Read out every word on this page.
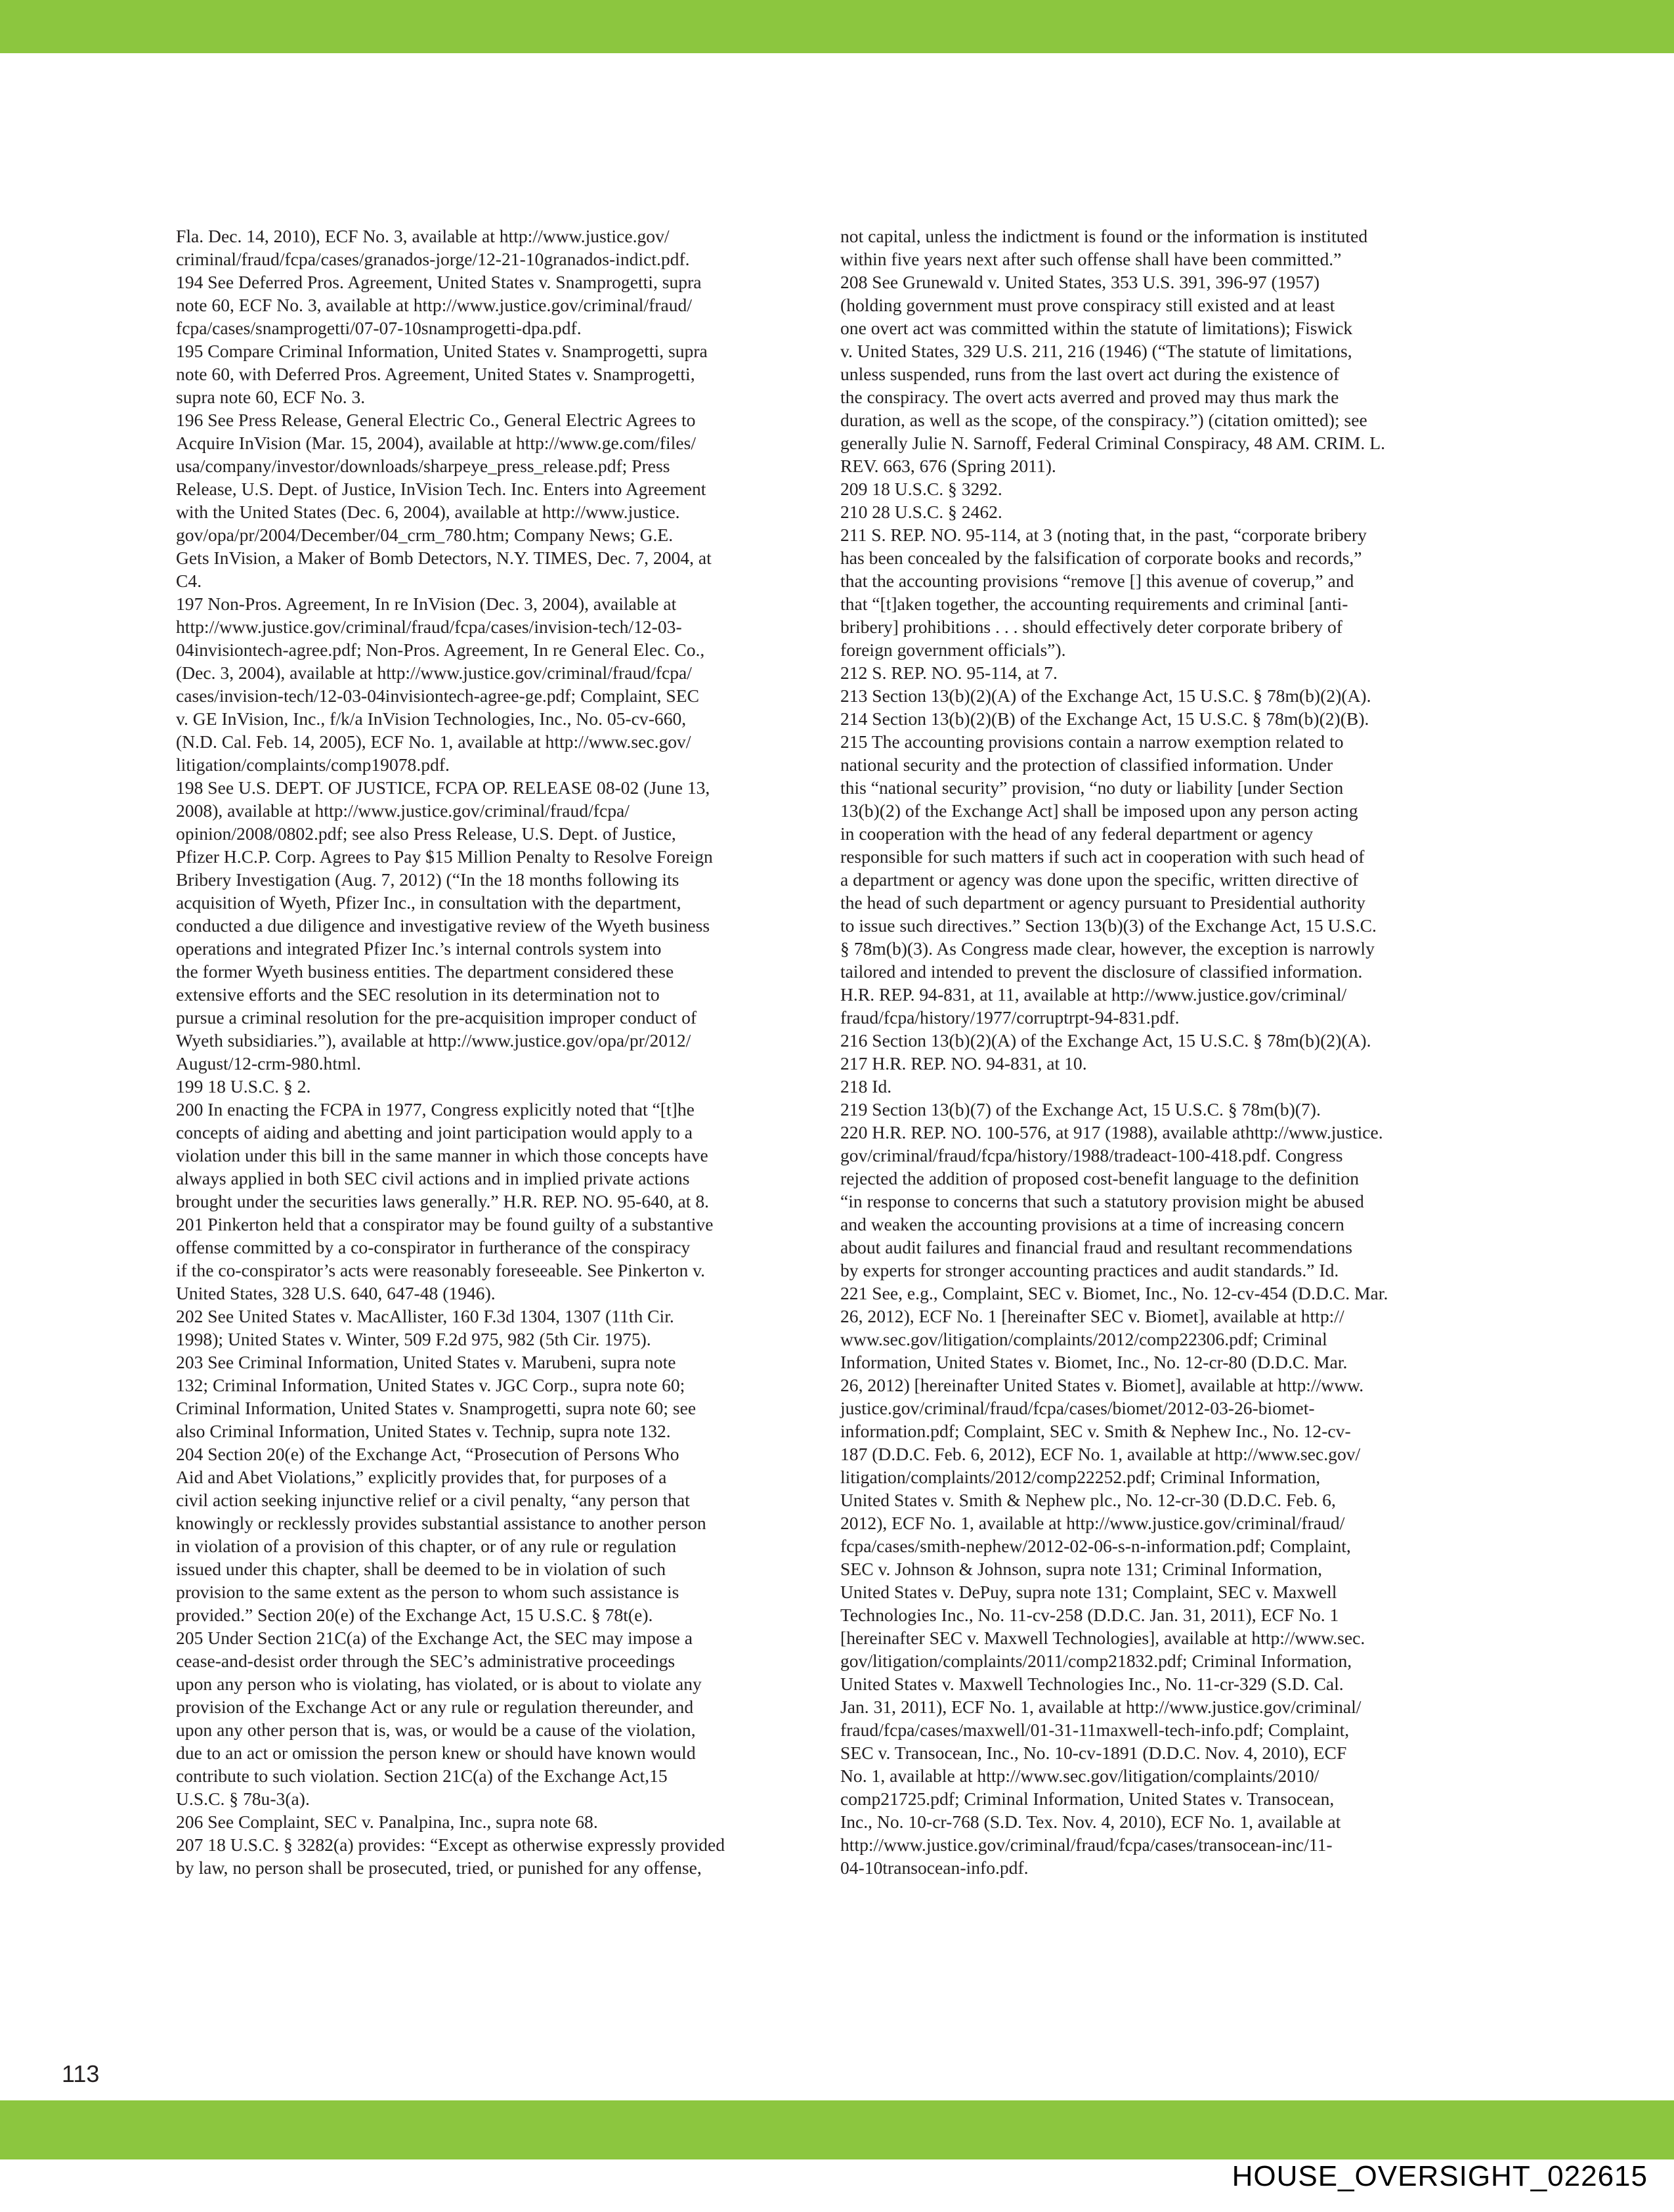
Fla. Dec. 14, 2010), ECF No. 3, available at http://www.justice.gov/
criminal/fraud/fcpa/cases/granados-jorge/12-21-10granados-indict.pdf.
194 See Deferred Pros. Agreement, United States v. Snamprogetti, supra
note 60, ECF No. 3, available at http://www.justice.gov/criminal/fraud/
fcpa/cases/snamprogetti/07-07-10snamprogetti-dpa.pdf.
195 Compare Criminal Information, United States v. Snamprogetti, supra
note 60, with Deferred Pros. Agreement, United States v. Snamprogetti,
supra note 60, ECF No. 3.
196 See Press Release, General Electric Co., General Electric Agrees to
Acquire InVision (Mar. 15, 2004), available at http://www.ge.com/files/
usa/company/investor/downloads/sharpeye_press_release.pdf; Press
Release, U.S. Dept. of Justice, InVision Tech. Inc. Enters into Agreement
with the United States (Dec. 6, 2004), available at http://www.justice.
gov/opa/pr/2004/December/04_crm_780.htm; Company News; G.E.
Gets InVision, a Maker of Bomb Detectors, N.Y. TIMES, Dec. 7, 2004, at
C4.
197 Non-Pros. Agreement, In re InVision (Dec. 3, 2004), available at
http://www.justice.gov/criminal/fraud/fcpa/cases/invision-tech/12-03-
04invisiontech-agree.pdf; Non-Pros. Agreement, In re General Elec. Co.,
(Dec. 3, 2004), available at http://www.justice.gov/criminal/fraud/fcpa/
cases/invision-tech/12-03-04invisiontech-agree-ge.pdf; Complaint, SEC
v. GE InVision, Inc., f/k/a InVision Technologies, Inc., No. 05-cv-660,
(N.D. Cal. Feb. 14, 2005), ECF No. 1, available at http://www.sec.gov/
litigation/complaints/comp19078.pdf.
198 See U.S. DEPT. OF JUSTICE, FCPA OP. RELEASE 08-02 (June 13,
2008), available at http://www.justice.gov/criminal/fraud/fcpa/
opinion/2008/0802.pdf; see also Press Release, U.S. Dept. of Justice,
Pfizer H.C.P. Corp. Agrees to Pay $15 Million Penalty to Resolve Foreign
Bribery Investigation (Aug. 7, 2012) (“In the 18 months following its
acquisition of Wyeth, Pfizer Inc., in consultation with the department,
conducted a due diligence and investigative review of the Wyeth business
operations and integrated Pfizer Inc.’s internal controls system into
the former Wyeth business entities. The department considered these
extensive efforts and the SEC resolution in its determination not to
pursue a criminal resolution for the pre-acquisition improper conduct of
Wyeth subsidiaries.”), available at http://www.justice.gov/opa/pr/2012/
August/12-crm-980.html.
199 18 U.S.C. § 2.
200 In enacting the FCPA in 1977, Congress explicitly noted that “[t]he
concepts of aiding and abetting and joint participation would apply to a
violation under this bill in the same manner in which those concepts have
always applied in both SEC civil actions and in implied private actions
brought under the securities laws generally.” H.R. REP. NO. 95-640, at 8.
201 Pinkerton held that a conspirator may be found guilty of a substantive
offense committed by a co-conspirator in furtherance of the conspiracy
if the co-conspirator’s acts were reasonably foreseeable. See Pinkerton v.
United States, 328 U.S. 640, 647-48 (1946).
202 See United States v. MacAllister, 160 F.3d 1304, 1307 (11th Cir.
1998); United States v. Winter, 509 F.2d 975, 982 (5th Cir. 1975).
203 See Criminal Information, United States v. Marubeni, supra note
132; Criminal Information, United States v. JGC Corp., supra note 60;
Criminal Information, United States v. Snamprogetti, supra note 60; see
also Criminal Information, United States v. Technip, supra note 132.
204 Section 20(e) of the Exchange Act, “Prosecution of Persons Who
Aid and Abet Violations,” explicitly provides that, for purposes of a
civil action seeking injunctive relief or a civil penalty, “any person that
knowingly or recklessly provides substantial assistance to another person
in violation of a provision of this chapter, or of any rule or regulation
issued under this chapter, shall be deemed to be in violation of such
provision to the same extent as the person to whom such assistance is
provided.” Section 20(e) of the Exchange Act, 15 U.S.C. § 78t(e).
205 Under Section 21C(a) of the Exchange Act, the SEC may impose a
cease-and-desist order through the SEC’s administrative proceedings
upon any person who is violating, has violated, or is about to violate any
provision of the Exchange Act or any rule or regulation thereunder, and
upon any other person that is, was, or would be a cause of the violation,
due to an act or omission the person knew or should have known would
contribute to such violation. Section 21C(a) of the Exchange Act,15
U.S.C. § 78u-3(a).
206 See Complaint, SEC v. Panalpina, Inc., supra note 68.
207 18 U.S.C. § 3282(a) provides: “Except as otherwise expressly provided
by law, no person shall be prosecuted, tried, or punished for any offense,
not capital, unless the indictment is found or the information is instituted
within five years next after such offense shall have been committed.”
208 See Grunewald v. United States, 353 U.S. 391, 396-97 (1957)
(holding government must prove conspiracy still existed and at least
one overt act was committed within the statute of limitations); Fiswick
v. United States, 329 U.S. 211, 216 (1946) (“The statute of limitations,
unless suspended, runs from the last overt act during the existence of
the conspiracy. The overt acts averred and proved may thus mark the
duration, as well as the scope, of the conspiracy.”) (citation omitted); see
generally Julie N. Sarnoff, Federal Criminal Conspiracy, 48 AM. CRIM. L.
REV. 663, 676 (Spring 2011).
209 18 U.S.C. § 3292.
210 28 U.S.C. § 2462.
211 S. REP. NO. 95-114, at 3 (noting that, in the past, “corporate bribery
has been concealed by the falsification of corporate books and records,”
that the accounting provisions “remove [] this avenue of coverup,” and
that “[t]aken together, the accounting requirements and criminal [anti-
bribery] prohibitions . . . should effectively deter corporate bribery of
foreign government officials”).
212 S. REP. NO. 95-114, at 7.
213 Section 13(b)(2)(A) of the Exchange Act, 15 U.S.C. § 78m(b)(2)(A).
214 Section 13(b)(2)(B) of the Exchange Act, 15 U.S.C. § 78m(b)(2)(B).
215 The accounting provisions contain a narrow exemption related to
national security and the protection of classified information. Under
this “national security” provision, “no duty or liability [under Section
13(b)(2) of the Exchange Act] shall be imposed upon any person acting
in cooperation with the head of any federal department or agency
responsible for such matters if such act in cooperation with such head of
a department or agency was done upon the specific, written directive of
the head of such department or agency pursuant to Presidential authority
to issue such directives.” Section 13(b)(3) of the Exchange Act, 15 U.S.C.
§ 78m(b)(3). As Congress made clear, however, the exception is narrowly
tailored and intended to prevent the disclosure of classified information.
H.R. REP. 94-831, at 11, available at http://www.justice.gov/criminal/
fraud/fcpa/history/1977/corruptrpt-94-831.pdf.
216 Section 13(b)(2)(A) of the Exchange Act, 15 U.S.C. § 78m(b)(2)(A).
217 H.R. REP. NO. 94-831, at 10.
218 Id.
219 Section 13(b)(7) of the Exchange Act, 15 U.S.C. § 78m(b)(7).
220 H.R. REP. NO. 100-576, at 917 (1988), available athttp://www.justice.
gov/criminal/fraud/fcpa/history/1988/tradeact-100-418.pdf. Congress
rejected the addition of proposed cost-benefit language to the definition
“in response to concerns that such a statutory provision might be abused
and weaken the accounting provisions at a time of increasing concern
about audit failures and financial fraud and resultant recommendations
by experts for stronger accounting practices and audit standards.” Id.
221 See, e.g., Complaint, SEC v. Biomet, Inc., No. 12-cv-454 (D.D.C. Mar.
26, 2012), ECF No. 1 [hereinafter SEC v. Biomet], available at http://
www.sec.gov/litigation/complaints/2012/comp22306.pdf; Criminal
Information, United States v. Biomet, Inc., No. 12-cr-80 (D.D.C. Mar.
26, 2012) [hereinafter United States v. Biomet], available at http://www.
justice.gov/criminal/fraud/fcpa/cases/biomet/2012-03-26-biomet-
information.pdf; Complaint, SEC v. Smith & Nephew Inc., No. 12-cv-
187 (D.D.C. Feb. 6, 2012), ECF No. 1, available at http://www.sec.gov/
litigation/complaints/2012/comp22252.pdf; Criminal Information,
United States v. Smith & Nephew plc., No. 12-cr-30 (D.D.C. Feb. 6,
2012), ECF No. 1, available at http://www.justice.gov/criminal/fraud/
fcpa/cases/smith-nephew/2012-02-06-s-n-information.pdf; Complaint,
SEC v. Johnson & Johnson, supra note 131; Criminal Information,
United States v. DePuy, supra note 131; Complaint, SEC v. Maxwell
Technologies Inc., No. 11-cv-258 (D.D.C. Jan. 31, 2011), ECF No. 1
[hereinafter SEC v. Maxwell Technologies], available at http://www.sec.
gov/litigation/complaints/2011/comp21832.pdf; Criminal Information,
United States v. Maxwell Technologies Inc., No. 11-cr-329 (S.D. Cal.
Jan. 31, 2011), ECF No. 1, available at http://www.justice.gov/criminal/
fraud/fcpa/cases/maxwell/01-31-11maxwell-tech-info.pdf; Complaint,
SEC v. Transocean, Inc., No. 10-cv-1891 (D.D.C. Nov. 4, 2010), ECF
No. 1, available at http://www.sec.gov/litigation/complaints/2010/
comp21725.pdf; Criminal Information, United States v. Transocean,
Inc., No. 10-cr-768 (S.D. Tex. Nov. 4, 2010), ECF No. 1, available at
http://www.justice.gov/criminal/fraud/fcpa/cases/transocean-inc/11-
04-10transocean-info.pdf.
113
HOUSE_OVERSIGHT_022615
